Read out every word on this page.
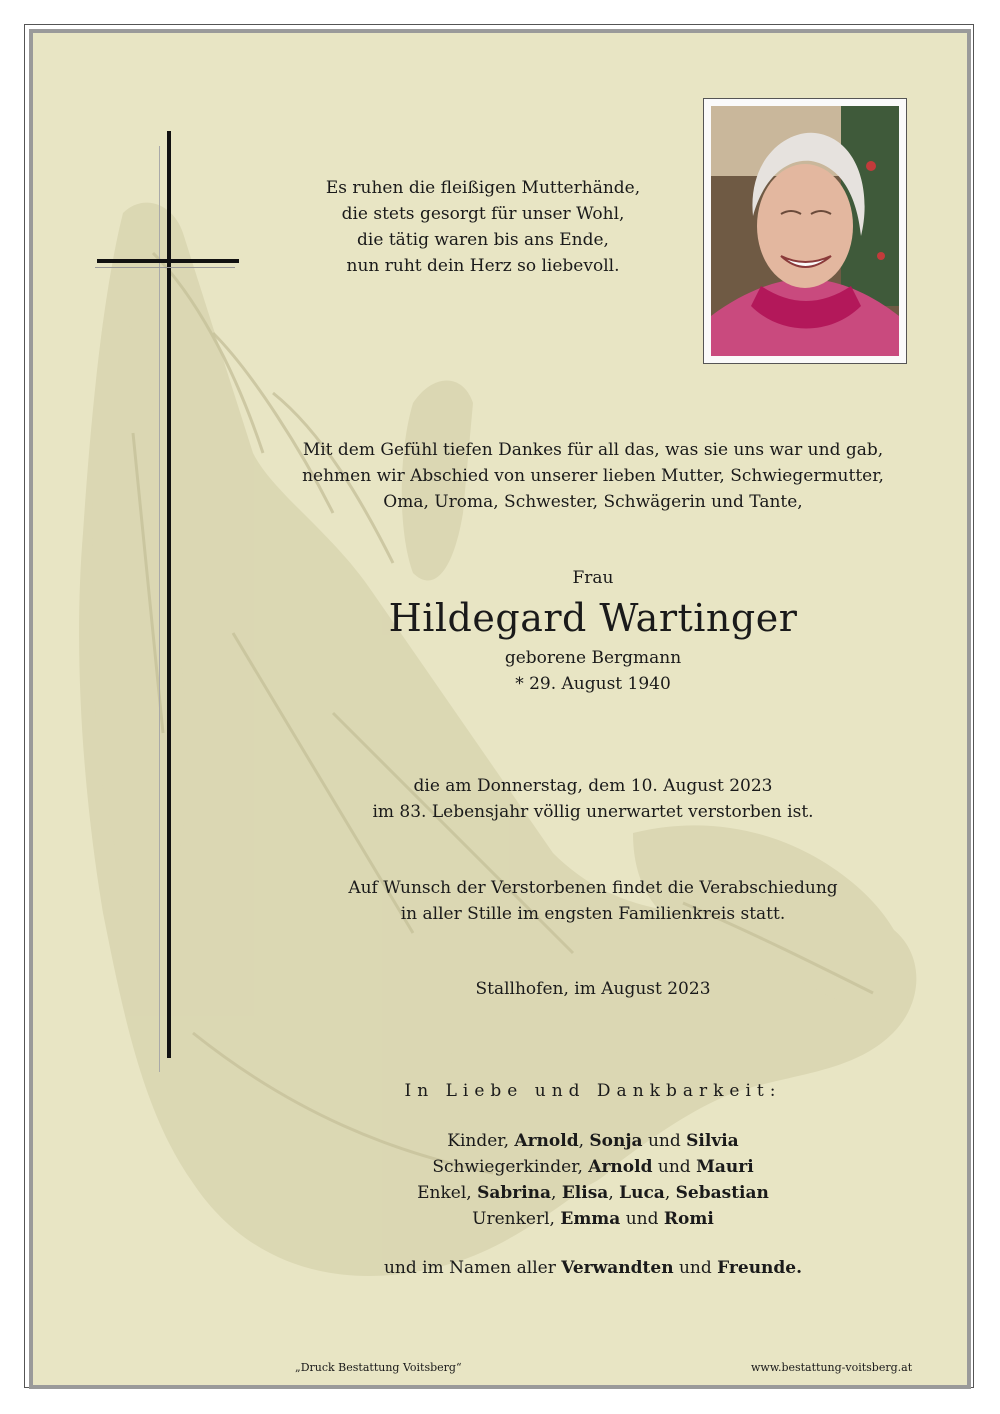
Es ruhen die fleißigen Mutterhände,
die stets gesorgt für unser Wohl,
die tätig waren bis ans Ende,
nun ruht dein Herz so liebevoll.
Mit dem Gefühl tiefen Dankes für all das, was sie uns war und gab,
nehmen wir Abschied von unserer lieben Mutter, Schwiegermutter,
Oma, Uroma, Schwester, Schwägerin und Tante,
Frau
Hildegard Wartinger
geborene Bergmann
* 29. August 1940
die am Donnerstag, dem 10. August 2023
im 83. Lebensjahr völlig unerwartet verstorben ist.
Auf Wunsch der Verstorbenen findet die Verabschiedung
in aller Stille im engsten Familienkreis statt.
Stallhofen, im August 2023
In Liebe und Dankbarkeit:
Kinder, Arnold, Sonja und Silvia
Schwiegerkinder, Arnold und Mauri
Enkel, Sabrina, Elisa, Luca, Sebastian
Urenkerl, Emma und Romi
und im Namen aller Verwandten und Freunde.
„Druck Bestattung Voitsberg“	www.bestattung-voitsberg.at
